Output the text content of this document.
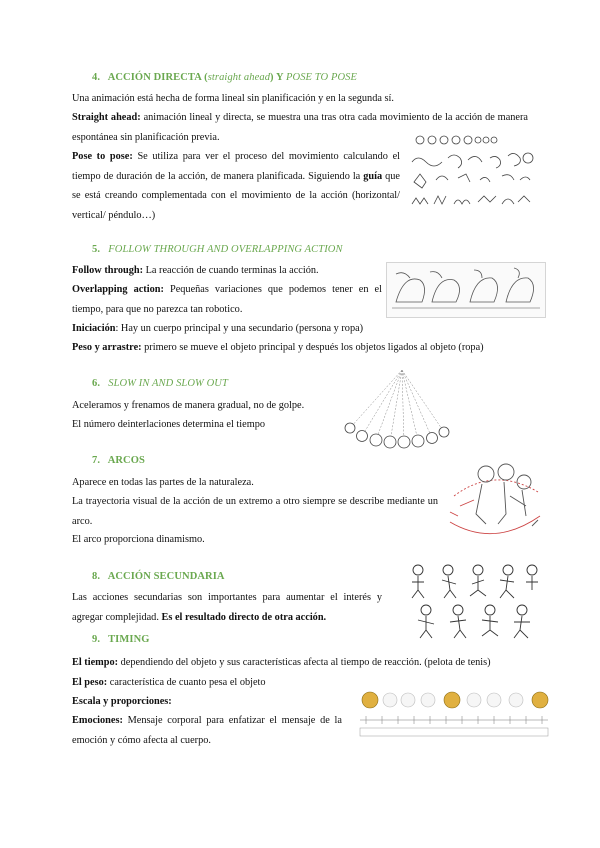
4. ACCIÓN DIRECTA (straight ahead) Y POSE TO POSE
Una animación está hecha de forma lineal sin planificación y en la segunda sí.
Straight ahead: animación lineal y directa, se muestra una tras otra cada movimiento de la acción de manera espontánea sin planificación previa.
Pose to pose: Se utiliza para ver el proceso del movimiento calculando el tiempo de duración de la acción, de manera planificada. Siguiendo la guía que se está creando complementada con el movimiento de la acción (horizontal/ vertical/ péndulo…)
5. FOLLOW THROUGH AND OVERLAPPING ACTION
Follow through: La reacción de cuando terminas la acción.
Overlapping action: Pequeñas variaciones que podemos tener en el tiempo, para que no parezca tan robotico.
Iniciación: Hay un cuerpo principal y una secundario (persona y ropa)
Peso y arrastre: primero se mueve el objeto principal y después los objetos ligados al objeto (ropa)
6. SLOW IN AND SLOW OUT
Aceleramos y frenamos de manera gradual, no de golpe.
El número deinterlaciones determina el tiempo
7. ARCOS
Aparece en todas las partes de la naturaleza.
La trayectoria visual de la acción de un extremo a otro siempre se describe mediante un arco.
El arco proporciona dinamismo.
8. ACCIÓN SECUNDARIA
Las acciones secundarias son importantes para aumentar el interés y agregar complejidad. Es el resultado directo de otra acción.
9. TIMING
El tiempo: dependiendo del objeto y sus características afecta al tiempo de reacción. (pelota de tenis)
El peso: característica de cuanto pesa el objeto
Escala y proporciones:
Emociones: Mensaje corporal para enfatizar el mensaje de la emoción y cómo afecta al cuerpo.
